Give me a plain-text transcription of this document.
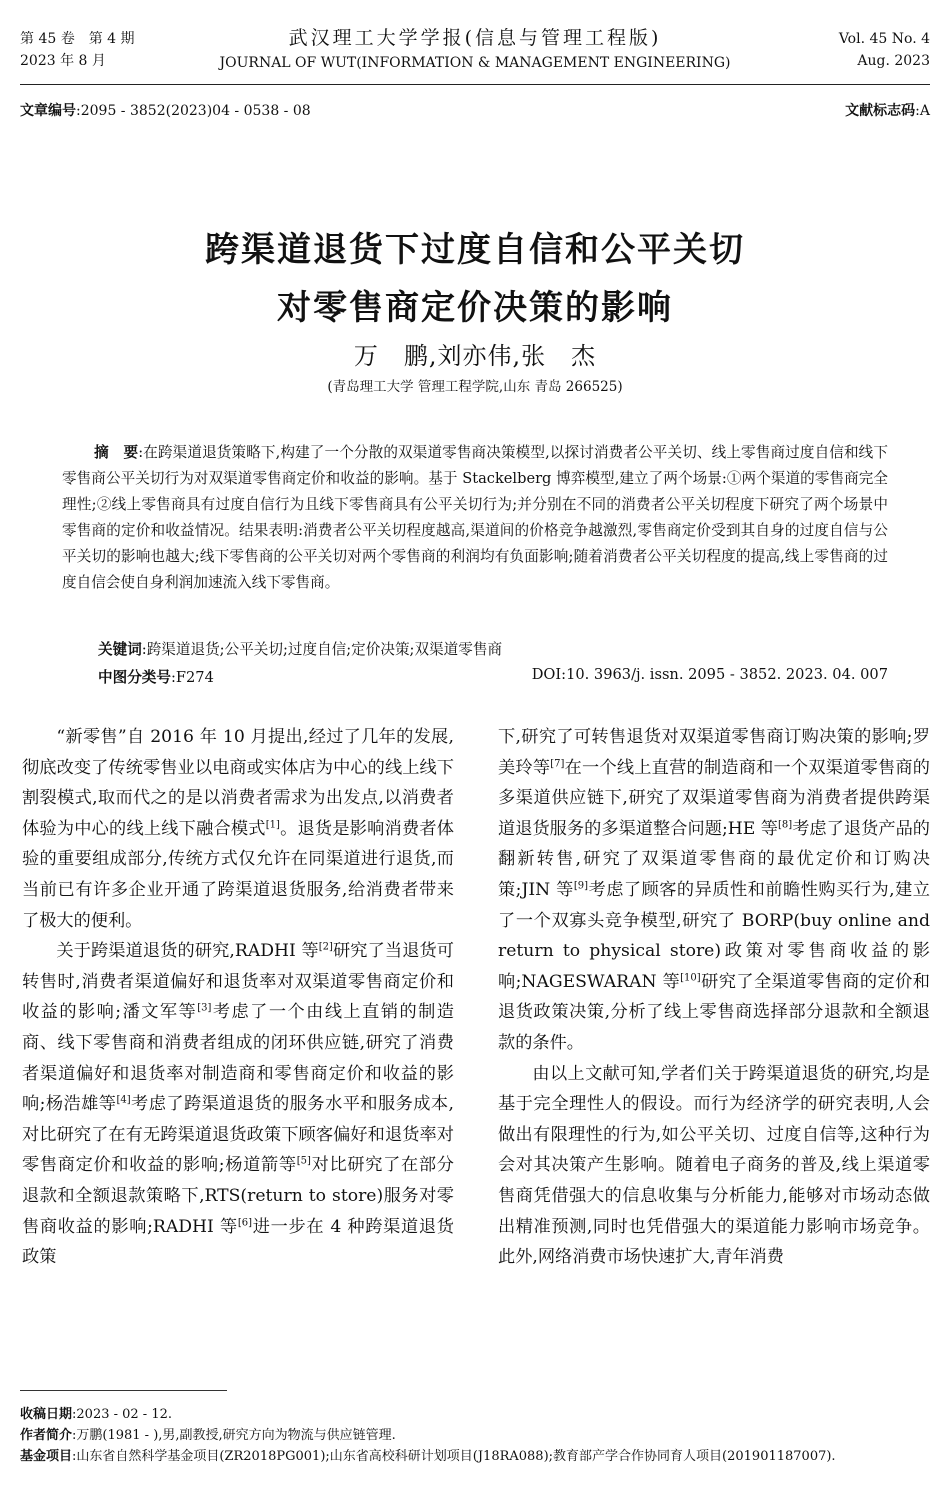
第 45 卷　第 4 期
2023 年 8 月
武汉理工大学学报(信息与管理工程版)
JOURNAL OF WUT(INFORMATION & MANAGEMENT ENGINEERING)
Vol. 45 No. 4
Aug. 2023
文章编号:2095 - 3852(2023)04 - 0538 - 08	文献标志码:A
跨渠道退货下过度自信和公平关切
对零售商定价决策的影响
万　鹏,刘亦伟,张　杰
(青岛理工大学 管理工程学院,山东 青岛 266525)

摘　要:在跨渠道退货策略下,构建了一个分散的双渠道零售商决策模型,以探讨消费者公平关切、线上零售商过度自信和线下零售商公平关切行为对双渠道零售商定价和收益的影响。基于 Stackelberg 博弈模型,建立了两个场景:①两个渠道的零售商完全理性;②线上零售商具有过度自信行为且线下零售商具有公平关切行为;并分别在不同的消费者公平关切程度下研究了两个场景中零售商的定价和收益情况。结果表明:消费者公平关切程度越高,渠道间的价格竞争越激烈,零售商定价受到其自身的过度自信与公平关切的影响也越大;线下零售商的公平关切对两个零售商的利润均有负面影响;随着消费者公平关切程度的提高,线上零售商的过度自信会使自身利润加速流入线下零售商。

关键词:跨渠道退货;公平关切;过度自信;定价决策;双渠道零售商
中图分类号:F274	DOI:10. 3963/j. issn. 2095 - 3852. 2023. 04. 007

“新零售”自 2016 年 10 月提出,经过了几年的发展,彻底改变了传统零售业以电商或实体店为中心的线上线下割裂模式,取而代之的是以消费者需求为出发点,以消费者体验为中心的线上线下融合模式[1]。退货是影响消费者体验的重要组成部分,传统方式仅允许在同渠道进行退货,而当前已有许多企业开通了跨渠道退货服务,给消费者带来了极大的便利。

关于跨渠道退货的研究,RADHI 等[2]研究了当退货可转售时,消费者渠道偏好和退货率对双渠道零售商定价和收益的影响;潘文军等[3]考虑了一个由线上直销的制造商、线下零售商和消费者组成的闭环供应链,研究了消费者渠道偏好和退货率对制造商和零售商定价和收益的影响;杨浩雄等[4]考虑了跨渠道退货的服务水平和服务成本,对比研究了在有无跨渠道退货政策下顾客偏好和退货率对零售商定价和收益的影响;杨道箭等[5]对比研究了在部分退款和全额退款策略下,RTS(return to store)服务对零售商收益的影响;RADHI 等[6]进一步在 4 种跨渠道退货政策

下,研究了可转售退货对双渠道零售商订购决策的影响;罗美玲等[7]在一个线上直营的制造商和一个双渠道零售商的多渠道供应链下,研究了双渠道零售商为消费者提供跨渠道退货服务的多渠道整合问题;HE 等[8]考虑了退货产品的翻新转售,研究了双渠道零售商的最优定价和订购决策;JIN 等[9]考虑了顾客的异质性和前瞻性购买行为,建立了一个双寡头竞争模型,研究了 BORP(buy online and return to physical store)政策对零售商收益的影响;NAGESWARAN 等[10]研究了全渠道零售商的定价和退货政策决策,分析了线上零售商选择部分退款和全额退款的条件。

由以上文献可知,学者们关于跨渠道退货的研究,均是基于完全理性人的假设。而行为经济学的研究表明,人会做出有限理性的行为,如公平关切、过度自信等,这种行为会对其决策产生影响。随着电子商务的普及,线上渠道零售商凭借强大的信息收集与分析能力,能够对市场动态做出精准预测,同时也凭借强大的渠道能力影响市场竞争。此外,网络消费市场快速扩大,青年消费

收稿日期:2023 - 02 - 12.

作者简介:万鹏(1981 - ),男,副教授,研究方向为物流与供应链管理.

基金项目:山东省自然科学基金项目(ZR2018PG001);山东省高校科研计划项目(J18RA088);教育部产学合作协同育人项目(201901187007).
